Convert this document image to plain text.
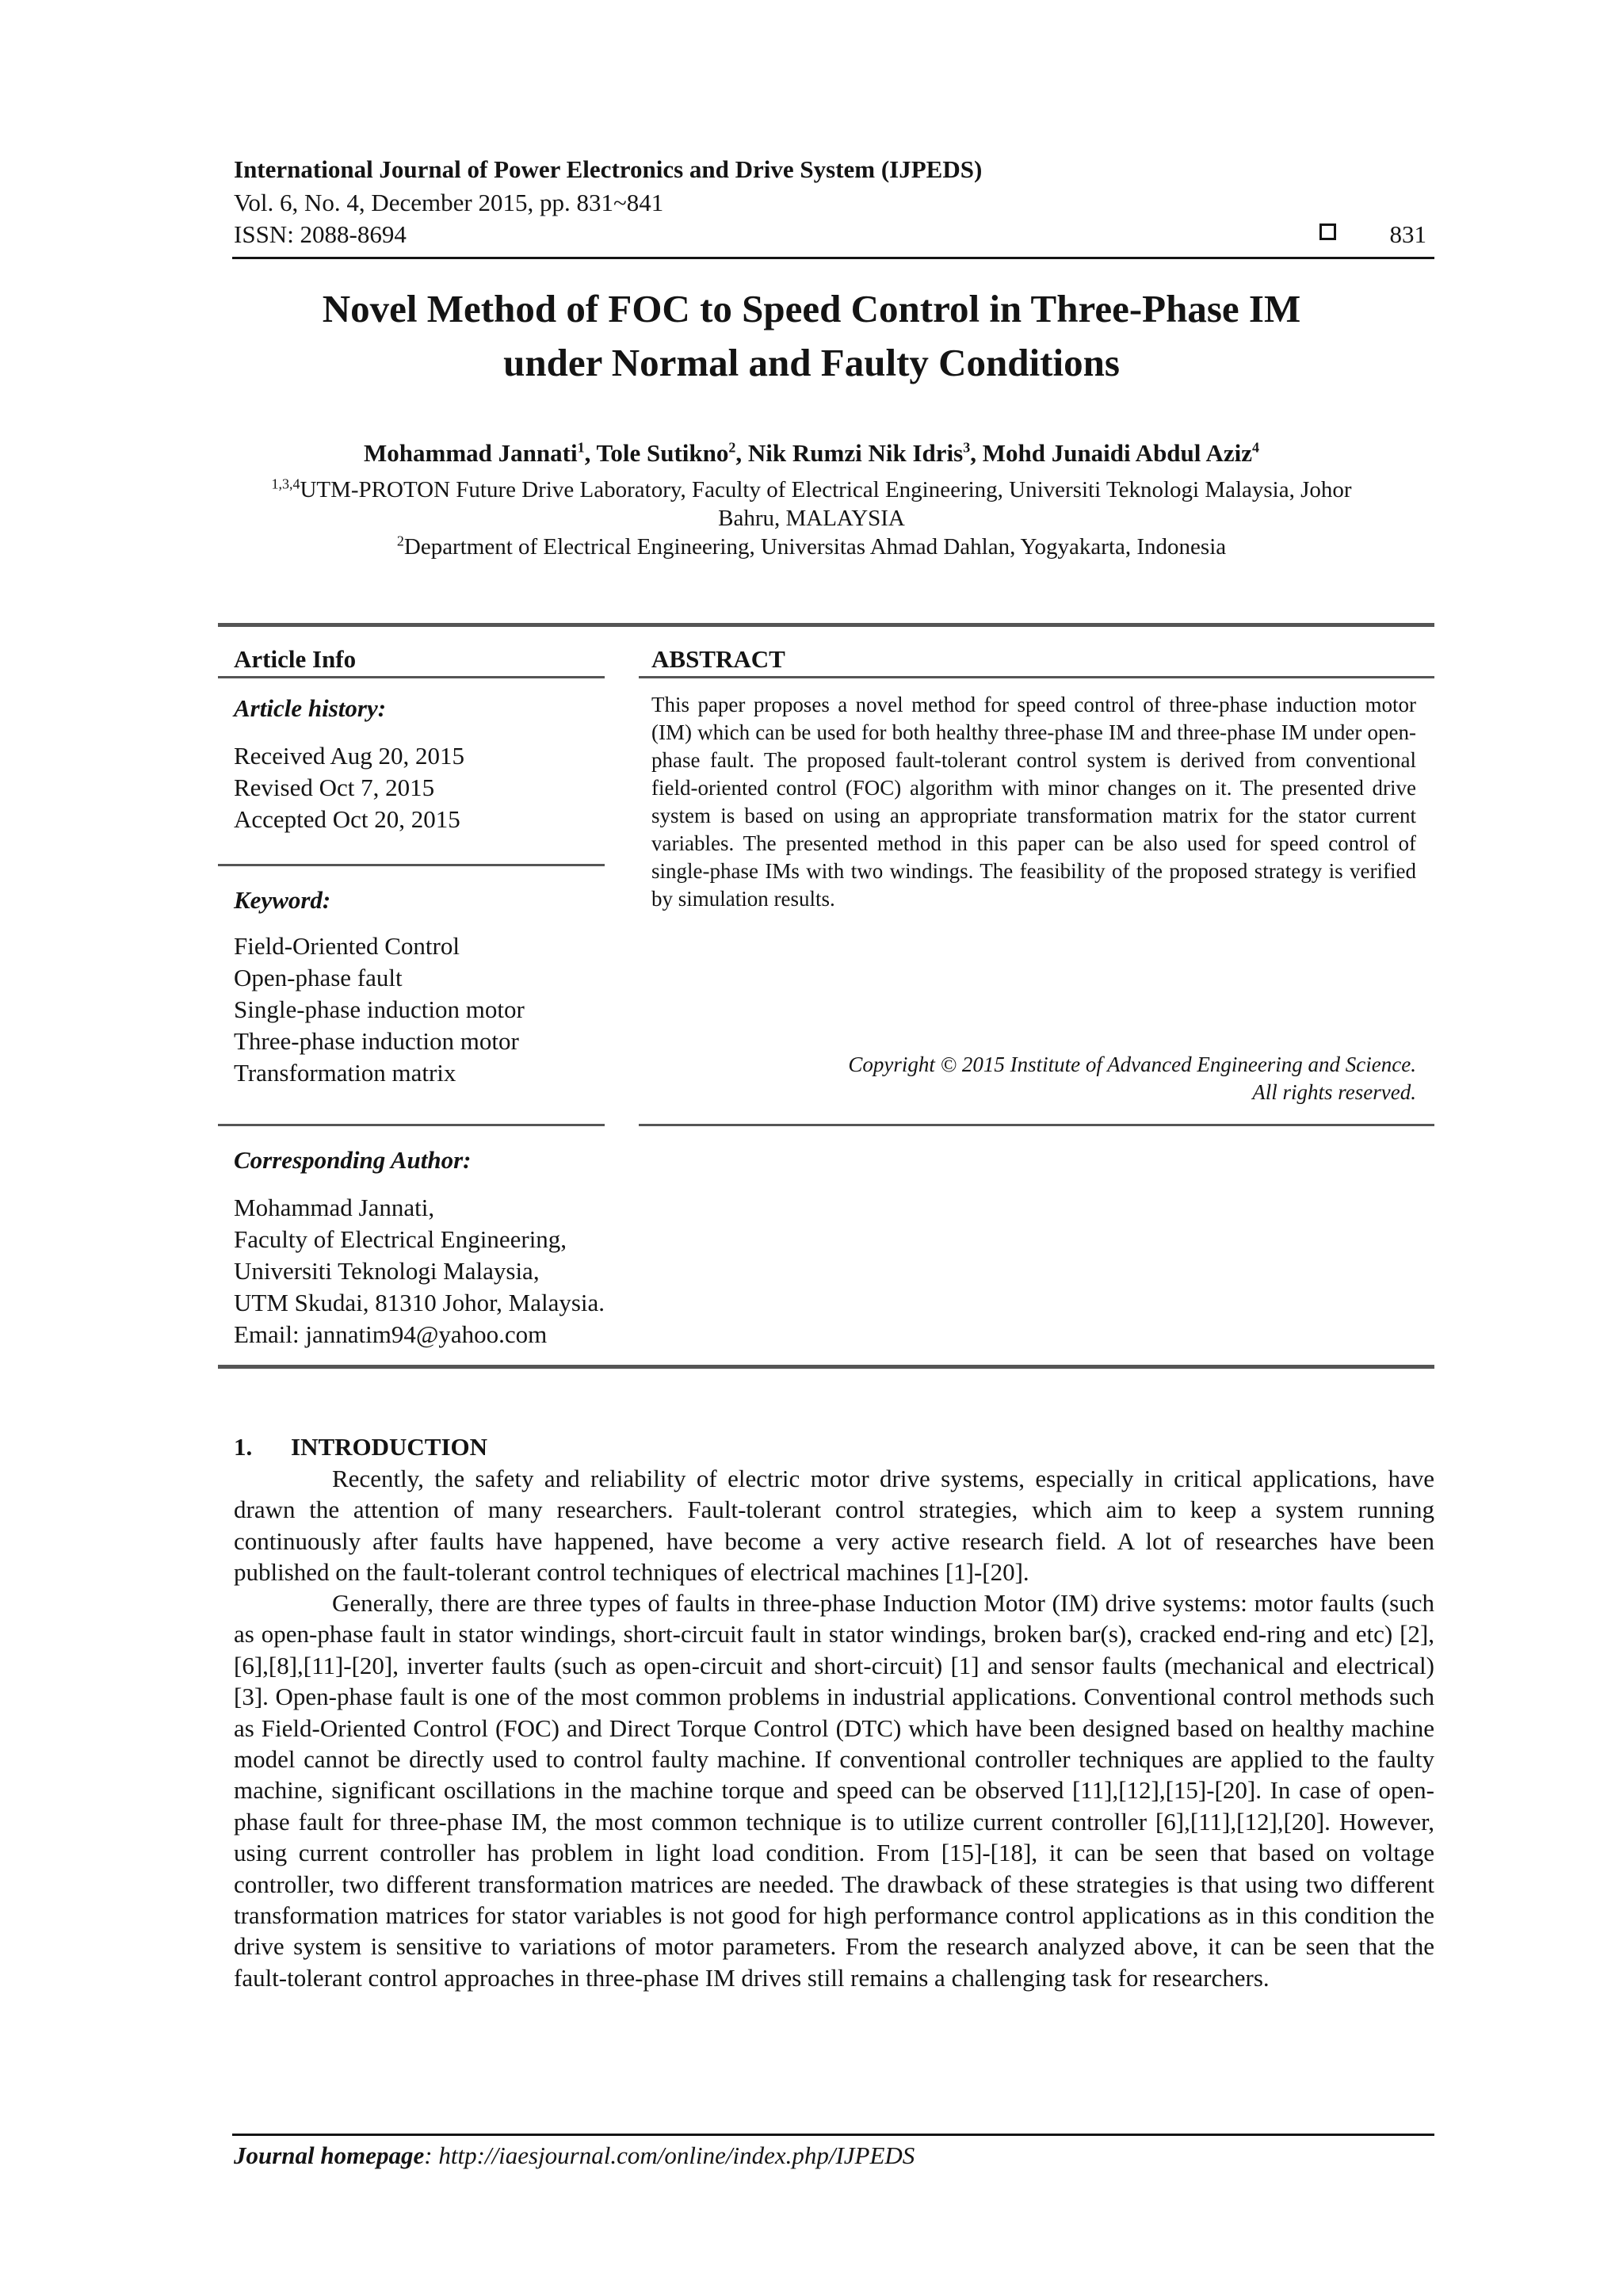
International Journal of Power Electronics and Drive System (IJPEDS)
Vol. 6, No. 4, December 2015, pp. 831~841
ISSN: 2088-8694	831
Novel Method of FOC to Speed Control in Three-Phase IM
under Normal and Faulty Conditions
Mohammad Jannati$^1$, Tole Sutikno$^2$, Nik Rumzi Nik Idris$^3$, Mohd Junaidi Abdul Aziz$^4$
$^{1,3,4}$UTM-PROTON Future Drive Laboratory, Faculty of Electrical Engineering, Universiti Teknologi Malaysia, Johor
Bahru, MALAYSIA
$^2$Department of Electrical Engineering, Universitas Ahmad Dahlan, Yogyakarta, Indonesia
Article Info
Article history:
Received Aug 20, 2015
Revised Oct 7, 2015
Accepted Oct 20, 2015
Keyword:
Field-Oriented Control
Open-phase fault
Single-phase induction motor
Three-phase induction motor
Transformation matrix
Corresponding Author:
Mohammad Jannati,
Faculty of Electrical Engineering,
Universiti Teknologi Malaysia,
UTM Skudai, 81310 Johor, Malaysia.
Email: jannatim94@yahoo.com
ABSTRACT
This paper proposes a novel method for speed control of three-phase induction motor (IM) which can be used for both healthy three-phase IM and three-phase IM under open-phase fault. The proposed fault-tolerant control system is derived from conventional field-oriented control (FOC) algorithm with minor changes on it. The presented drive system is based on using an appropriate transformation matrix for the stator current variables. The presented method in this paper can be also used for speed control of single-phase IMs with two windings. The feasibility of the proposed strategy is verified by simulation results.
Copyright © 2015 Institute of Advanced Engineering and Science.
All rights reserved.
1. INTRODUCTION

Recently, the safety and reliability of electric motor drive systems, especially in critical applications, have drawn the attention of many researchers. Fault-tolerant control strategies, which aim to keep a system running continuously after faults have happened, have become a very active research field. A lot of researches have been published on the fault-tolerant control techniques of electrical machines [1]-[20].

Generally, there are three types of faults in three-phase Induction Motor (IM) drive systems: motor faults (such as open-phase fault in stator windings, short-circuit fault in stator windings, broken bar(s), cracked end-ring and etc) [2],[6],[8],[11]-[20], inverter faults (such as open-circuit and short-circuit) [1] and sensor faults (mechanical and electrical) [3]. Open-phase fault is one of the most common problems in industrial applications. Conventional control methods such as Field-Oriented Control (FOC) and Direct Torque Control (DTC) which have been designed based on healthy machine model cannot be directly used to control faulty machine. If conventional controller techniques are applied to the faulty machine, significant oscillations in the machine torque and speed can be observed [11],[12],[15]-[20]. In case of open-phase fault for three-phase IM, the most common technique is to utilize current controller [6],[11],[12],[20]. However, using current controller has problem in light load condition. From [15]-[18], it can be seen that based on voltage controller, two different transformation matrices are needed. The drawback of these strategies is that using two different transformation matrices for stator variables is not good for high performance control applications as in this condition the drive system is sensitive to variations of motor parameters. From the research analyzed above, it can be seen that the fault-tolerant control approaches in three-phase IM drives still remains a challenging task for researchers.

Journal homepage: http://iaesjournal.com/online/index.php/IJPEDS
